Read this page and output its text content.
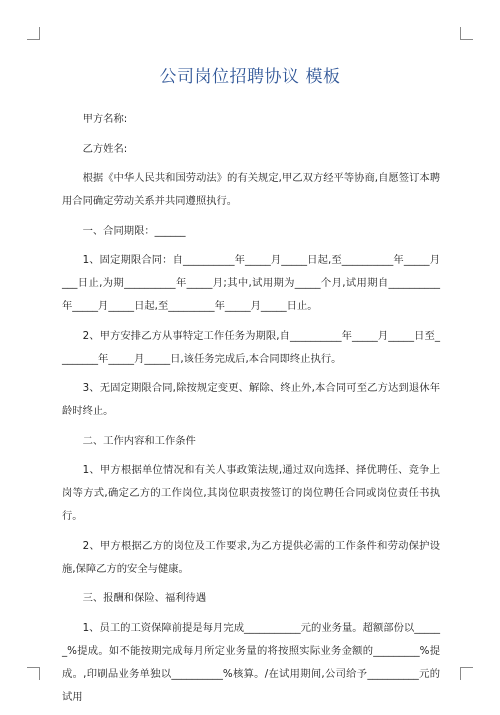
公司岗位招聘协议 模板

甲方名称:

乙方姓名:

根据《中华人民共和国劳动法》的有关规定,甲乙双方经平等协商,自愿签订本聘用合同确定劳动关系并共同遵照执行。

一、合同期限：______

1、固定期限合同：自__________年_____月_____日起,至__________年_____月___日止,为期__________年_____月;其中,试用期为_____个月,试用期自__________年_____月_____日起,至_________年_____月_____日止。

2、甲方安排乙方从事特定工作任务为期限,自__________年_____月_____日至________年_____月_____日,该任务完成后,本合同即终止执行。

3、无固定期限合同,除按规定变更、解除、终止外,本合同可至乙方达到退休年龄时终止。

二、工作内容和工作条件

1、甲方根据单位情况和有关人事政策法规,通过双向选择、择优聘任、竞争上岗等方式,确定乙方的工作岗位,其岗位职责按签订的岗位聘任合同或岗位责任书执行。

2、甲方根据乙方的岗位及工作要求,为乙方提供必需的工作条件和劳动保护设施,保障乙方的安全与健康。

三、报酬和保险、福利待遇

1、员工的工资保障前提是每月完成___________元的业务量。超额部份以______%提成。如不能按期完成每月所定业务量的将按照实际业务金额的_________%提成。,印刷品业务单独以__________%核算。/在试用期间,公司给予__________元的试用
